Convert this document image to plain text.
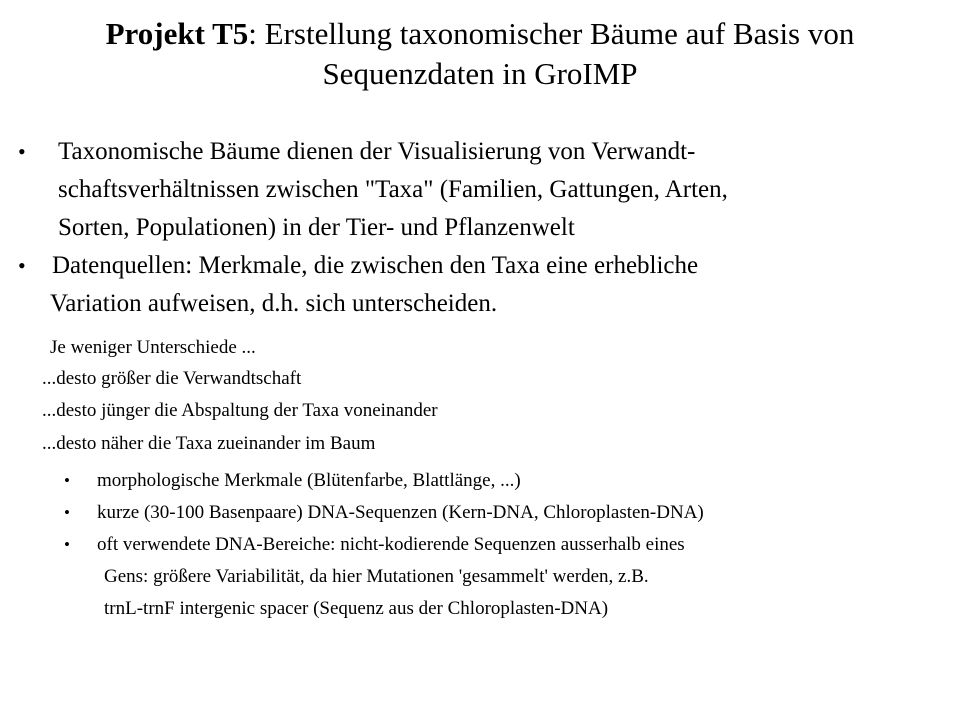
Projekt T5: Erstellung taxonomischer Bäume auf Basis von
Sequenzdaten in GroIMP
• Taxonomische Bäume dienen der Visualisierung von Verwandt-
schaftsverhältnissen zwischen "Taxa" (Familien, Gattungen, Arten,
Sorten, Populationen) in der Tier- und Pflanzenwelt
• Datenquellen: Merkmale, die zwischen den Taxa eine erhebliche
Variation aufweisen, d.h. sich unterscheiden.
Je weniger Unterschiede ...
...desto größer die Verwandtschaft
...desto jünger die Abspaltung der Taxa voneinander
...desto näher die Taxa zueinander im Baum
• morphologische Merkmale (Blütenfarbe, Blattlänge, ...)
• kurze (30-100 Basenpaare) DNA-Sequenzen (Kern-DNA, Chloroplasten-DNA)
• oft verwendete DNA-Bereiche: nicht-kodierende Sequenzen ausserhalb eines
Gens: größere Variabilität, da hier Mutationen 'gesammelt' werden, z.B.
trnL-trnF intergenic spacer (Sequenz aus der Chloroplasten-DNA)
